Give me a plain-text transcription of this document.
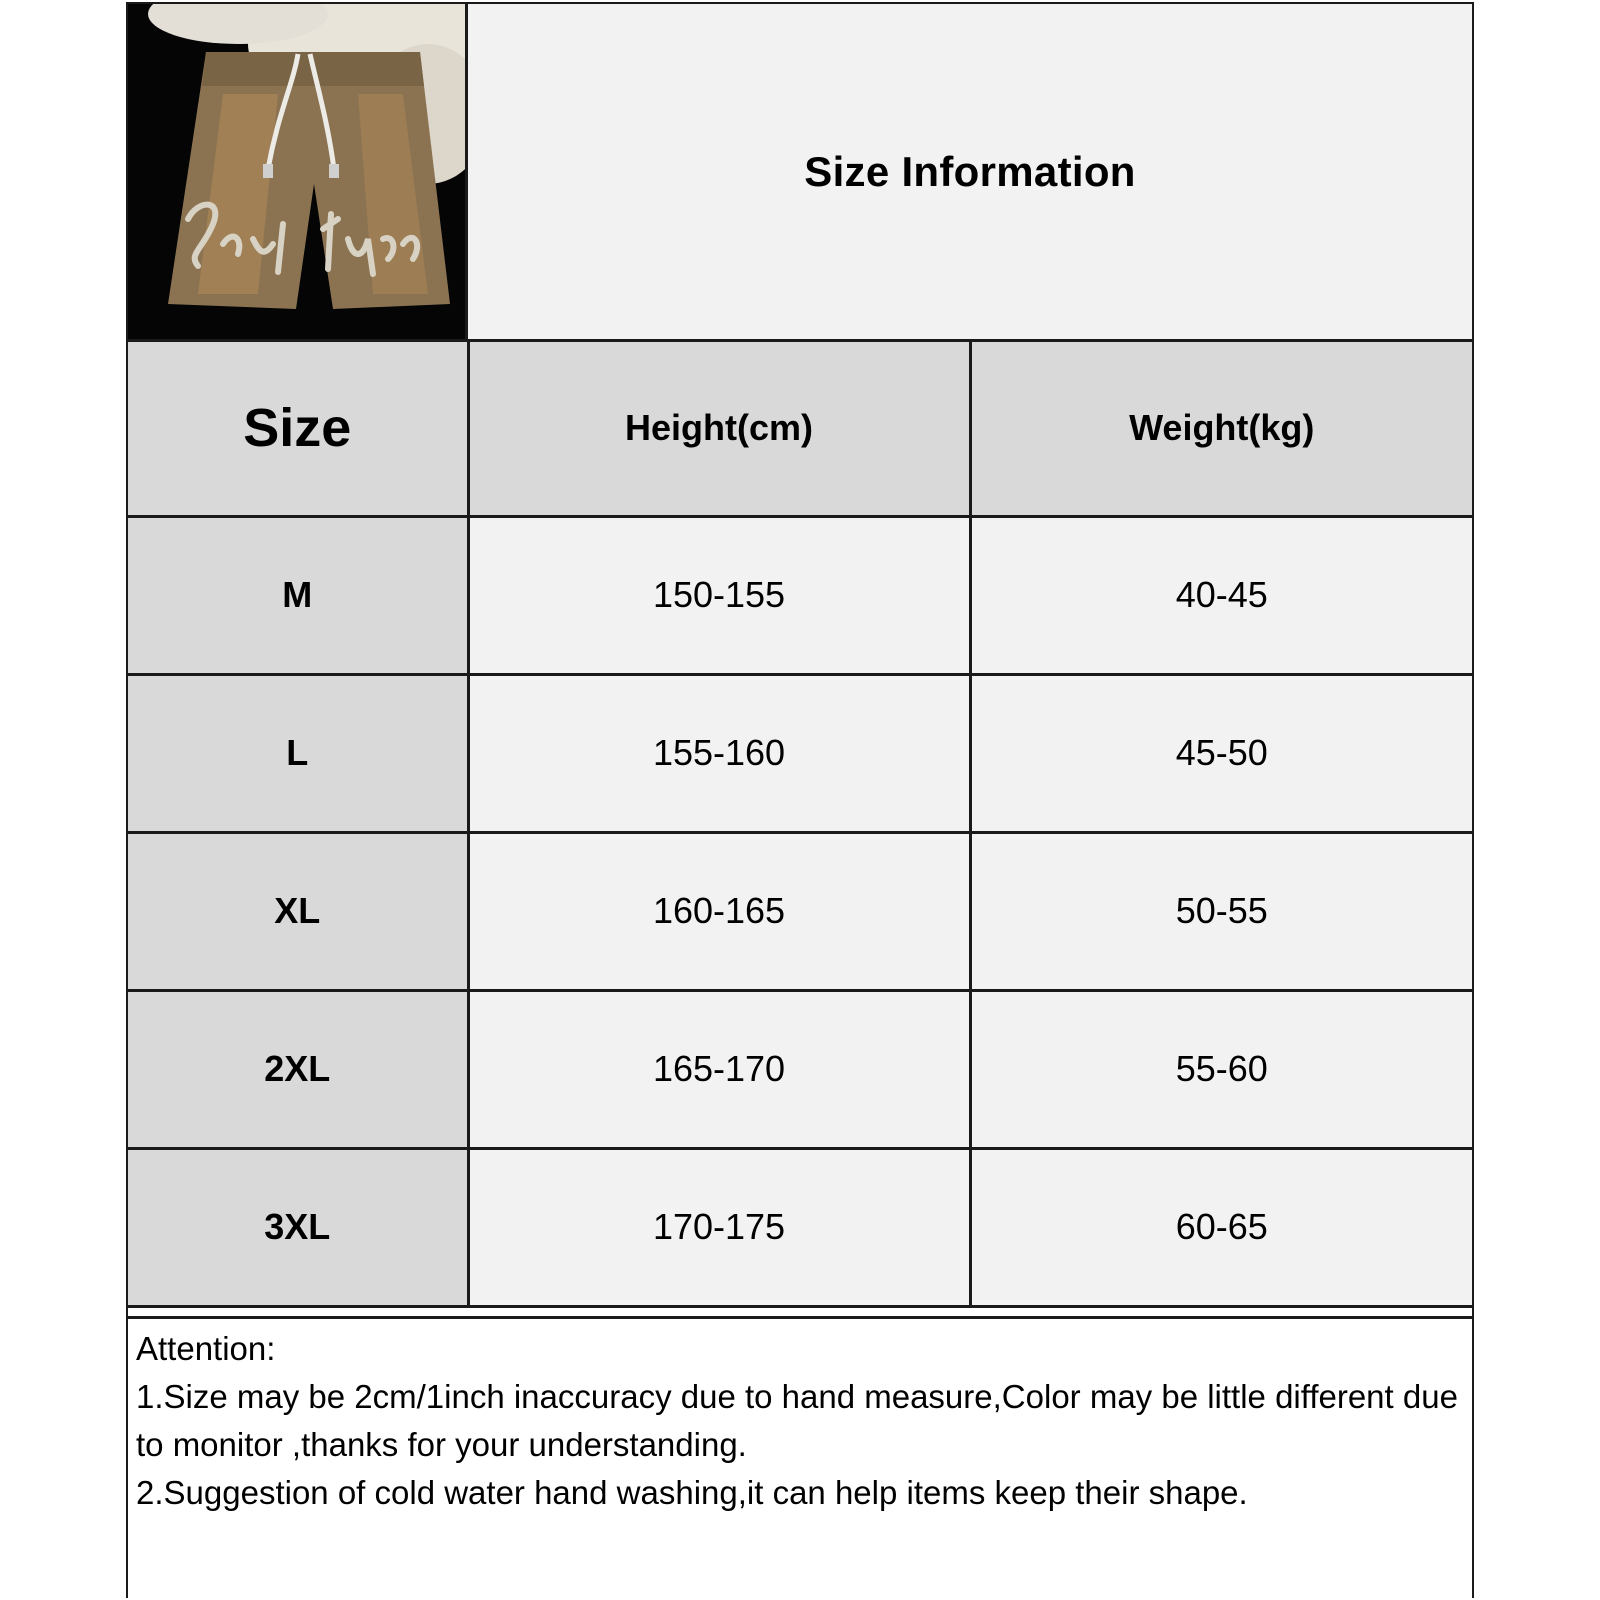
Size Information
Size	Height(cm)	Weight(kg)
M	150-155	40-45
L	155-160	45-50
XL	160-165	50-55
2XL	165-170	55-60
3XL	170-175	60-65

Attention:

1.Size may be 2cm/1inch inaccuracy due to hand measure,Color may be little different due to monitor ,thanks for your understanding.

2.Suggestion of cold water hand washing,it can help items keep their shape.
